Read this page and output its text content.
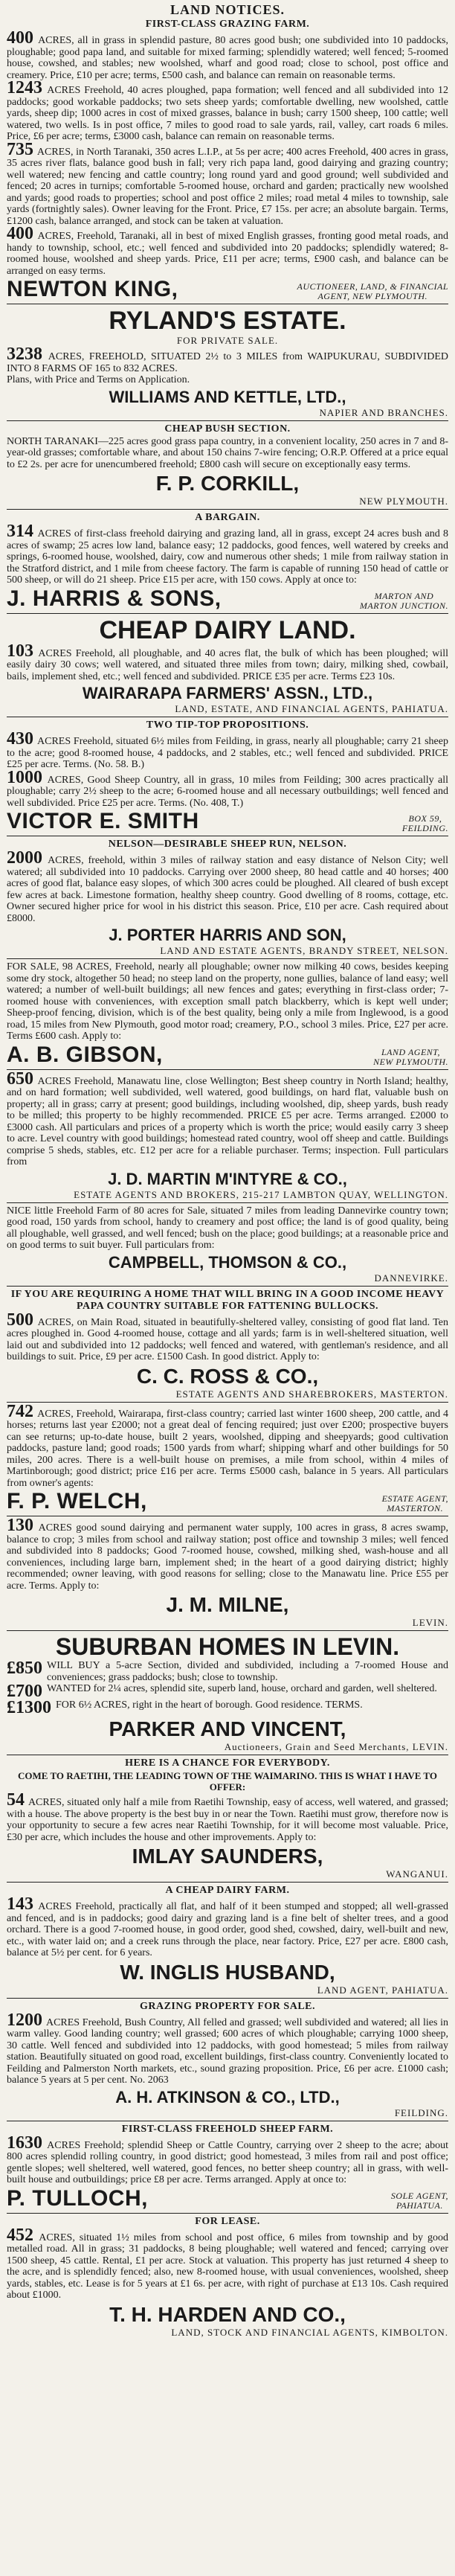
LAND NOTICES.
FIRST-CLASS GRAZING FARM.

400 ACRES, all in grass in splendid pasture, 80 acres good bush; one subdivided into 10 paddocks, ploughable; good papa land, and suitable for mixed farming; splendidly watered; well fenced; 5-roomed house, cowshed, and stables; new woolshed, wharf and good road; close to school, post office and creamery. Price, £10 per acre; terms, £500 cash, and balance can remain on reasonable terms.

1243 ACRES Freehold, 40 acres ploughed, papa formation; well fenced and all subdivided into 12 paddocks; good workable paddocks; two sets sheep yards; comfortable dwelling, new woolshed, cattle yards, sheep dip; 1000 acres in cost of mixed grasses, balance in bush; carry 1500 sheep, 100 cattle; well watered, two wells. Is in post office, 7 miles to good road to sale yards, rail, valley, cart roads 6 miles. Price, £6 per acre; terms, £3000 cash, balance can remain on reasonable terms.

735 ACRES, in North Taranaki, 350 acres L.I.P., at 5s per acre; 400 acres Freehold, 400 acres in grass, 35 acres river flats, balance good bush in fall; very rich papa land, good dairying and grazing country; well watered; new fencing and cattle country; long round yard and good ground; well subdivided and fenced; 20 acres in turnips; comfortable 5-roomed house, orchard and garden; practically new woolshed and yards; good roads to properties; school and post office 2 miles; road metal 4 miles to township, sale yards (fortnightly sales). Owner leaving for the Front. Price, £7 15s. per acre; an absolute bargain. Terms, £1200 cash, balance arranged, and stock can be taken at valuation.

400 ACRES, Freehold, Taranaki, all in best of mixed English grasses, fronting good metal roads, and handy to township, school, etc.; well fenced and subdivided into 20 paddocks; splendidly watered; 8-roomed house, woolshed and sheep yards. Price, £11 per acre; terms, £900 cash, and balance can be arranged on easy terms.

NEWTON KING,	AUCTIONEER, LAND, & FINANCIAL
AGENT, NEW PLYMOUTH.
RYLAND'S ESTATE.
FOR PRIVATE SALE.

3238 ACRES, FREEHOLD, SITUATED 2½ to 3 MILES from WAIPUKURAU, SUBDIVIDED INTO 8 FARMS OF 165 to 832 ACRES.

Plans, with Price and Terms on Application.

WILLIAMS AND KETTLE, LTD.,
NAPIER AND BRANCHES.
CHEAP BUSH SECTION.

NORTH TARANAKI—225 acres good grass papa country, in a convenient locality, 250 acres in 7 and 8-year-old grasses; comfortable whare, and about 150 chains 7-wire fencing; O.R.P. Offered at a price equal to £2 2s. per acre for unencumbered freehold; £800 cash will secure on exceptionally easy terms.

F. P. CORKILL,
NEW PLYMOUTH.
A BARGAIN.

314 ACRES of first-class freehold dairying and grazing land, all in grass, except 24 acres bush and 8 acres of swamp; 25 acres low land, balance easy; 12 paddocks, good fences, well watered by creeks and springs, 6-roomed house, woolshed, dairy, cow and numerous other sheds; 1 mile from railway station in the Stratford district, and 1 mile from cheese factory. The farm is capable of running 150 head of cattle or 500 sheep, or will do 21 sheep. Price £15 per acre, with 150 cows. Apply at once to:

J. HARRIS & SONS,	MARTON AND
MARTON JUNCTION.
CHEAP DAIRY LAND.

103 ACRES Freehold, all ploughable, and 40 acres flat, the bulk of which has been ploughed; will easily dairy 30 cows; well watered, and situated three miles from town; dairy, milking shed, cowbail, bails, implement shed, etc.; well fenced and subdivided. PRICE £35 per acre. Terms £23 10s.

WAIRARAPA FARMERS' ASSN., LTD.,
LAND, ESTATE, AND FINANCIAL AGENTS, PAHIATUA.
TWO TIP-TOP PROPOSITIONS.

430 ACRES Freehold, situated 6½ miles from Feilding, in grass, nearly all ploughable; carry 21 sheep to the acre; good 8-roomed house, 4 paddocks, and 2 stables, etc.; well fenced and subdivided. PRICE £25 per acre. Terms. (No. 58. B.)

1000 ACRES, Good Sheep Country, all in grass, 10 miles from Feilding; 300 acres practically all ploughable; carry 2½ sheep to the acre; 6-roomed house and all necessary outbuildings; well fenced and well subdivided. Price £25 per acre. Terms. (No. 408, T.)

VICTOR E. SMITH	BOX 59,
FEILDING.
NELSON—DESIRABLE SHEEP RUN, NELSON.

2000 ACRES, freehold, within 3 miles of railway station and easy distance of Nelson City; well watered; all subdivided into 10 paddocks. Carrying over 2000 sheep, 80 head cattle and 40 horses; 400 acres of good flat, balance easy slopes, of which 300 acres could be ploughed. All cleared of bush except few acres at back. Limestone formation, healthy sheep country. Good dwelling of 8 rooms, cottage, etc. Owner secured higher price for wool in his district this season. Price, £10 per acre. Cash required about £8000.

J. PORTER HARRIS AND SON,
LAND AND ESTATE AGENTS, BRANDY STREET, NELSON.

FOR SALE, 98 ACRES, Freehold, nearly all ploughable; owner now milking 40 cows, besides keeping some dry stock, altogether 50 head; no steep land on the property, none gullies, balance of land easy; well watered; a number of well-built buildings; all new fences and gates; everything in first-class order; 7-roomed house with conveniences, with exception small patch blackberry, which is kept well under; Sheep-proof fencing, division, which is of the best quality, being only a mile from Inglewood, is a good road, 15 miles from New Plymouth, good motor road; creamery, P.O., school 3 miles. Price, £27 per acre. Terms £600 cash. Apply to:

A. B. GIBSON,	LAND AGENT,
NEW PLYMOUTH.

650 ACRES Freehold, Manawatu line, close Wellington; Best sheep country in North Island; healthy, and on hard formation; well subdivided, well watered, good buildings, on hard flat, valuable bush on property; all in grass; carry at present; good buildings, including woolshed, dip, sheep yards, bush ready to be milled; this property to be highly recommended. PRICE £5 per acre. Terms arranged. £2000 to £3000 cash. All particulars and prices of a property which is worth the price; would easily carry 3 sheep to acre. Level country with good buildings; homestead rated country, wool off sheep and cattle. Buildings comprise 5 sheds, stables, etc. £12 per acre for a reliable purchaser. Terms; inspection. Full particulars from

J. D. MARTIN M'INTYRE & CO.,
ESTATE AGENTS AND BROKERS, 215-217 LAMBTON QUAY, WELLINGTON.

NICE little Freehold Farm of 80 acres for Sale, situated 7 miles from leading Dannevirke country town; good road, 150 yards from school, handy to creamery and post office; the land is of good quality, being all ploughable, well grassed, and well fenced; bush on the place; good buildings; at a reasonable price and on good terms to suit buyer. Full particulars from:

CAMPBELL, THOMSON & CO.,
DANNEVIRKE.
IF YOU ARE REQUIRING A HOME THAT WILL BRING IN A GOOD INCOME HEAVY PAPA COUNTRY SUITABLE FOR FATTENING BULLOCKS.

500 ACRES, on Main Road, situated in beautifully-sheltered valley, consisting of good flat land. Ten acres ploughed in. Good 4-roomed house, cottage and all yards; farm is in well-sheltered situation, well laid out and subdivided into 12 paddocks; well fenced and watered, with gentleman's residence, and all buildings to suit. Price, £9 per acre. £1500 Cash. In good district. Apply to:

C. C. ROSS & CO.,
ESTATE AGENTS AND SHAREBROKERS, MASTERTON.

742 ACRES, Freehold, Wairarapa, first-class country; carried last winter 1600 sheep, 200 cattle, and 4 horses; returns last year £2000; not a great deal of fencing required; just over £200; prospective buyers can see returns; up-to-date house, built 2 years, woolshed, dipping and sheepyards; good cultivation paddocks, pasture land; good roads; 1500 yards from wharf; shipping wharf and other buildings for 50 miles, 200 acres. There is a well-built house on premises, a mile from school, within 4 miles of Martinborough; good district; price £16 per acre. Terms £5000 cash, balance in 5 years. All particulars from owner's agents:

F. P. WELCH,	ESTATE AGENT,
MASTERTON.

130 ACRES good sound dairying and permanent water supply, 100 acres in grass, 8 acres swamp, balance to crop; 3 miles from school and railway station; post office and township 3 miles; well fenced and subdivided into 8 paddocks; Good 7-roomed house, cowshed, milking shed, wash-house and all conveniences, including large barn, implement shed; in the heart of a good dairying district; highly recommended; owner leaving, with good reasons for selling; close to the Manawatu line. Price £55 per acre. Terms. Apply to:

J. M. MILNE,
LEVIN.
SUBURBAN HOMES IN LEVIN.
£850 WILL BUY a 5-acre Section, divided and subdivided, including a 7-roomed House and conveniences; grass paddocks; bush; close to township.
£700 WANTED for 2¼ acres, splendid site, superb land, house, orchard and garden, well sheltered.
£1300 FOR 6½ ACRES, right in the heart of borough. Good residence. TERMS.
PARKER AND VINCENT,
Auctioneers, Grain and Seed Merchants, LEVIN.
HERE IS A CHANCE FOR EVERYBODY.
COME TO RAETIHI, THE LEADING TOWN OF THE WAIMARINO. THIS IS WHAT I HAVE TO OFFER:

54 ACRES, situated only half a mile from Raetihi Township, easy of access, well watered, and grassed; with a house. The above property is the best buy in or near the Town. Raetihi must grow, therefore now is your opportunity to secure a few acres near Raetihi Township, for it will become most valuable. Price, £30 per acre, which includes the house and other improvements. Apply to:

IMLAY SAUNDERS,
WANGANUI.
A CHEAP DAIRY FARM.

143 ACRES Freehold, practically all flat, and half of it been stumped and stopped; all well-grassed and fenced, and is in paddocks; good dairy and grazing land is a fine belt of shelter trees, and a good orchard. There is a good 7-roomed house, in good order, good shed, cowshed, dairy, well-built and new, etc., with water laid on; and a creek runs through the place, near factory. Price, £27 per acre. £800 cash, balance at 5½ per cent. for 6 years.

W. INGLIS HUSBAND,
LAND AGENT, PAHIATUA.
GRAZING PROPERTY FOR SALE.

1200 ACRES Freehold, Bush Country, All felled and grassed; well subdivided and watered; all lies in warm valley. Good landing country; well grassed; 600 acres of which ploughable; carrying 1000 sheep, 30 cattle. Well fenced and subdivided into 12 paddocks, with good homestead; 5 miles from railway station. Beautifully situated on good road, excellent buildings, first-class country. Conveniently located to Feilding and Palmerston North markets, etc., sound grazing proposition. Price, £6 per acre. £1000 cash; balance 5 years at 5 per cent. No. 2063

A. H. ATKINSON & CO., LTD.,
FEILDING.
FIRST-CLASS FREEHOLD SHEEP FARM.

1630 ACRES Freehold; splendid Sheep or Cattle Country, carrying over 2 sheep to the acre; about 800 acres splendid rolling country, in good district; good homestead, 3 miles from rail and post office; gentle slopes; well sheltered, well watered, good fences, no better sheep country; all in grass, with well-built house and outbuildings; price £8 per acre. Terms arranged. Apply at once to:

P. TULLOCH,	SOLE AGENT,
PAHIATUA.
FOR LEASE.

452 ACRES, situated 1½ miles from school and post office, 6 miles from township and by good metalled road. All in grass; 31 paddocks, 8 being ploughable; well watered and fenced; carrying over 1500 sheep, 45 cattle. Rental, £1 per acre. Stock at valuation. This property has just returned 4 sheep to the acre, and is splendidly fenced; also, new 8-roomed house, with usual conveniences, woolshed, sheep yards, stables, etc. Lease is for 5 years at £1 6s. per acre, with right of purchase at £13 10s. Cash required about £1000.

T. H. HARDEN AND CO.,
LAND, STOCK AND FINANCIAL AGENTS, KIMBOLTON.
